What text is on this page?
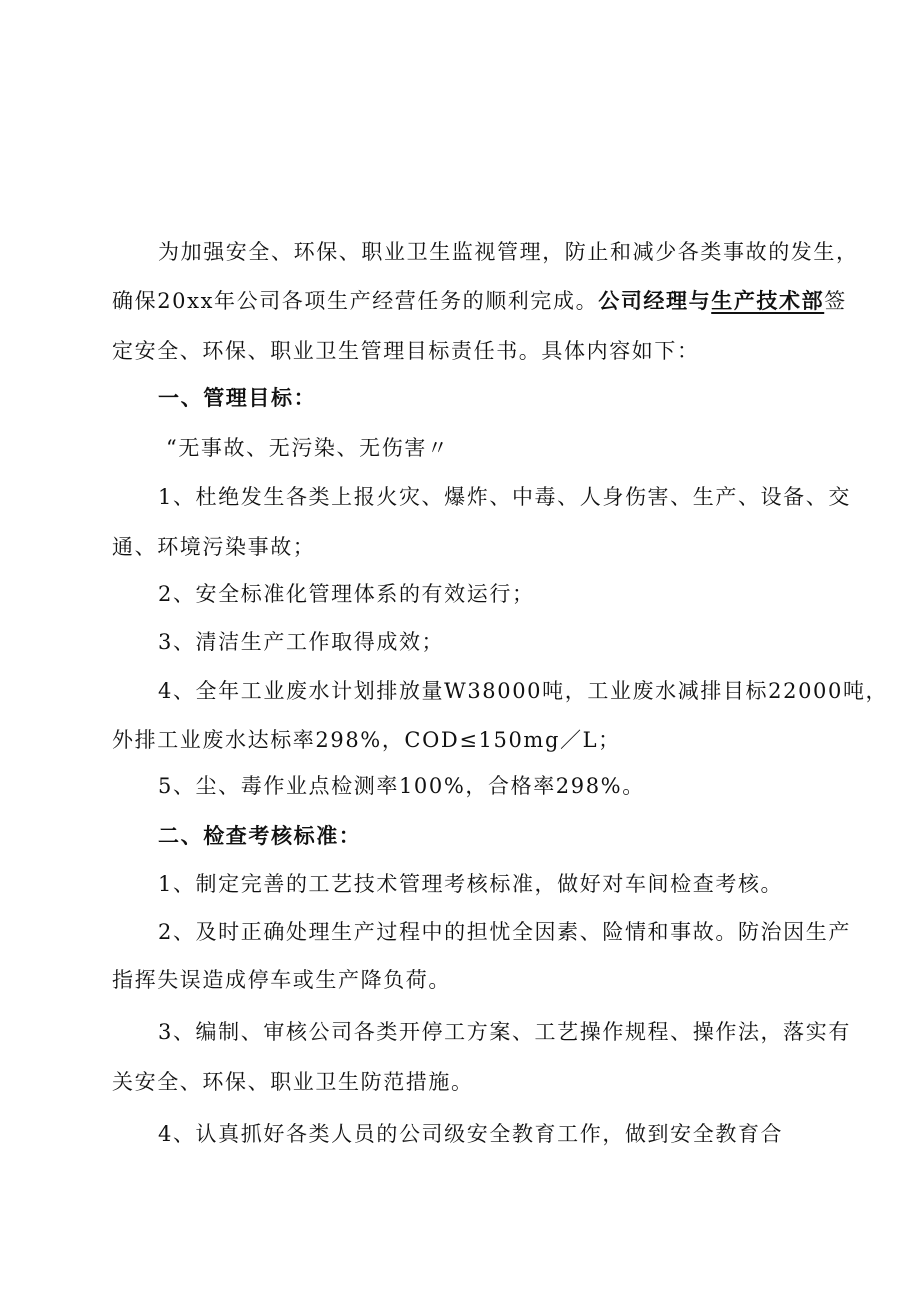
为加强安全、环保、职业卫生监视管理，防止和减少各类事故的发生，
确保20xx年公司各项生产经营任务的顺利完成。公司经理与生产技术部签
定安全、环保、职业卫生管理目标责任书。具体内容如下：
一、管理目标：
“无事故、无污染、无伤害〃
1、杜绝发生各类上报火灾、爆炸、中毒、人身伤害、生产、设备、交
通、环境污染事故；
2、安全标准化管理体系的有效运行；
3、清洁生产工作取得成效；
4、全年工业废水计划排放量W38000吨，工业废水减排目标22000吨，
外排工业废水达标率298%，COD≤150mg／L；
5、尘、毒作业点检测率100%，合格率298%。
二、检查考核标准：
1、制定完善的工艺技术管理考核标准，做好对车间检查考核。
2、及时正确处理生产过程中的担忧全因素、险情和事故。防治因生产
指挥失误造成停车或生产降负荷。
3、编制、审核公司各类开停工方案、工艺操作规程、操作法，落实有
关安全、环保、职业卫生防范措施。
4、认真抓好各类人员的公司级安全教育工作，做到安全教育合
